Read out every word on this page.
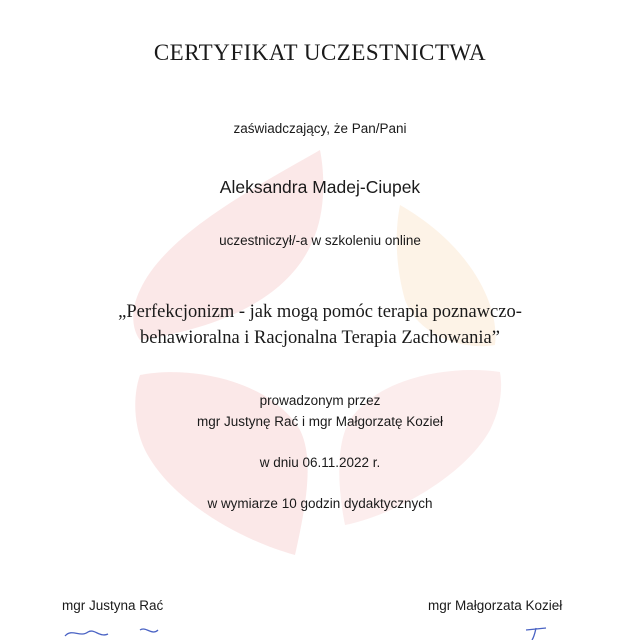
CERTYFIKAT UCZESTNICTWA
zaświadczający, że Pan/Pani
Aleksandra Madej-Ciupek
uczestniczył/-a w szkoleniu online
„Perfekcjonizm - jak mogą pomóc terapia poznawczo-
behawioralna i Racjonalna Terapia Zachowania”
prowadzonym przez
mgr Justynę Rać i mgr Małgorzatę Kozieł
w dniu 06.11.2022 r.
w wymiarze 10 godzin dydaktycznych
mgr Justyna Rać	mgr Małgorzata Kozieł
